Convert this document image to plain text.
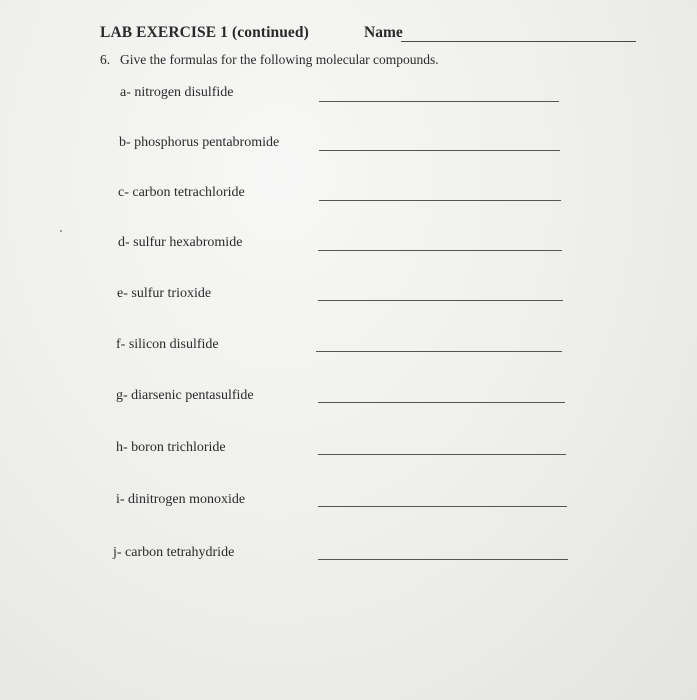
LAB EXERCISE 1 (continued)	Name
6. Give the formulas for the following molecular compounds.
a- nitrogen disulfide
b- phosphorus pentabromide
c- carbon tetrachloride
d- sulfur hexabromide
e- sulfur trioxide
f- silicon disulfide
g- diarsenic pentasulfide
h- boron trichloride
i- dinitrogen monoxide
j- carbon tetrahydride
